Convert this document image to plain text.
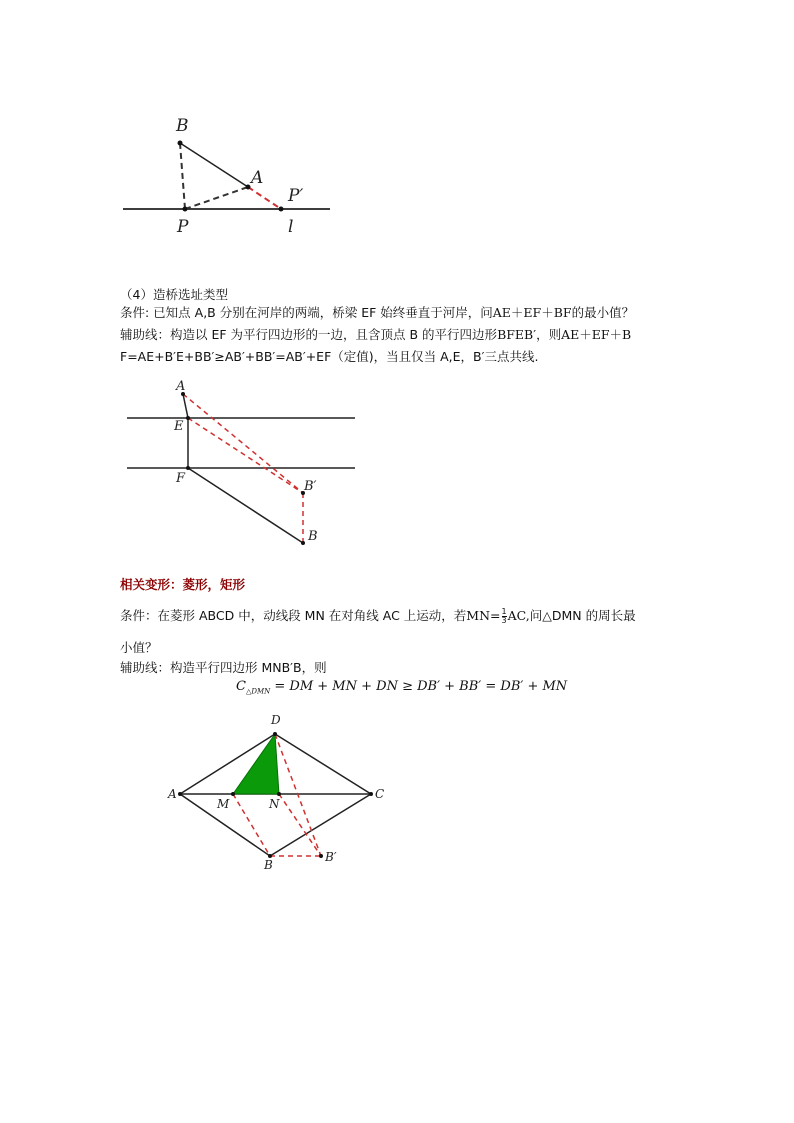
B
A
P′
P	l
A
E
F
B′
B
D
A	C
M	N
B
B′
（4）造桥选址类型
条件: 已知点 A,B 分别在河岸的两端，桥梁 EF 始终垂直于河岸，问AE＋EF＋BF的最小值？
辅助线：构造以 EF 为平行四边形的一边，且含顶点 B 的平行四边形BFEB′，则AE＋EF＋B
F=AE+B′E+BB′≥AB′+BB′=AB′+EF（定值)，当且仅当 A,E，B′三点共线.
相关变形：菱形，矩形
条件：在菱形 ABCD 中，动线段 MN 在对角线 AC 上运动，若$MN= \frac{1}{3}$ AC,问△DMN 的周长最
小值？
辅助线：构造平行四边形 MNB′B，则
$C_{\triangle DMN}$ = DM + MN + DN ≥ DB′ + BB′ = DB′ + MN
